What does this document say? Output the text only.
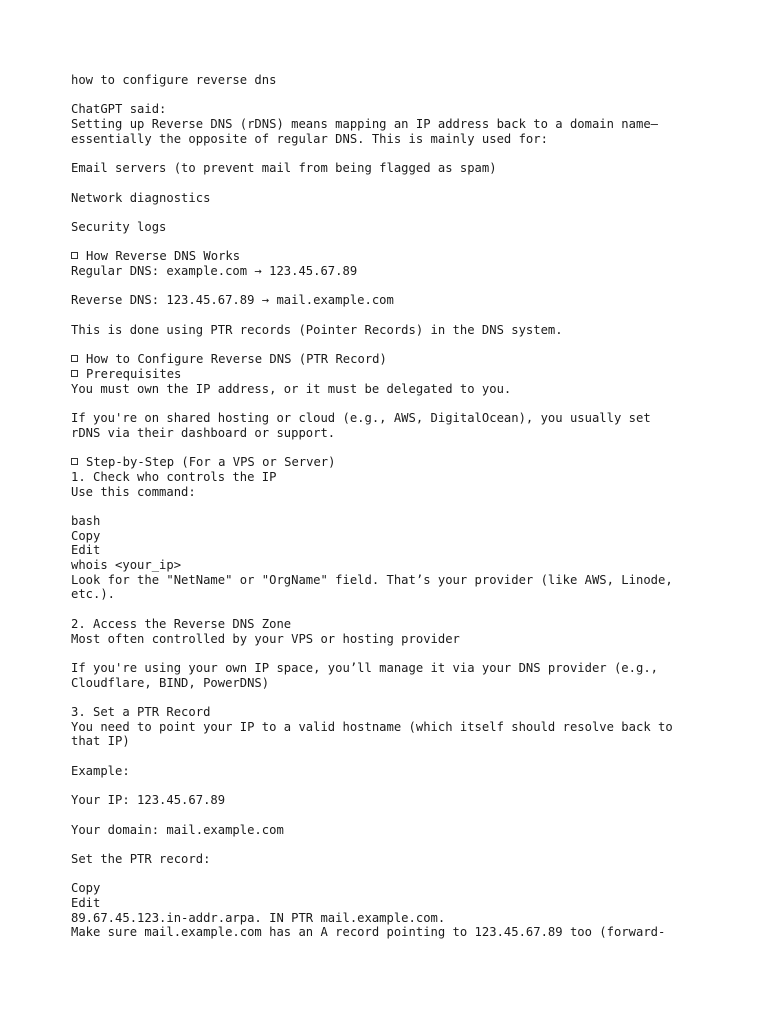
how to configure reverse dns
ChatGPT said:
Setting up Reverse DNS (rDNS) means mapping an IP address back to a domain name—
essentially the opposite of regular DNS. This is mainly used for:
Email servers (to prevent mail from being flagged as spam)
Network diagnostics
Security logs
How Reverse DNS Works
Regular DNS: example.com → 123.45.67.89
Reverse DNS: 123.45.67.89 → mail.example.com
This is done using PTR records (Pointer Records) in the DNS system.
How to Configure Reverse DNS (PTR Record)
Prerequisites
You must own the IP address, or it must be delegated to you.
If you're on shared hosting or cloud (e.g., AWS, DigitalOcean), you usually set
rDNS via their dashboard or support.
Step-by-Step (For a VPS or Server)
1. Check who controls the IP
Use this command:
bash
Copy
Edit
whois <your_ip>
Look for the "NetName" or "OrgName" field. That’s your provider (like AWS, Linode,
etc.).
2. Access the Reverse DNS Zone
Most often controlled by your VPS or hosting provider
If you're using your own IP space, you’ll manage it via your DNS provider (e.g.,
Cloudflare, BIND, PowerDNS)
3. Set a PTR Record
You need to point your IP to a valid hostname (which itself should resolve back to
that IP)
Example:
Your IP: 123.45.67.89
Your domain: mail.example.com
Set the PTR record:
Copy
Edit
89.67.45.123.in-addr.arpa. IN PTR mail.example.com.
Make sure mail.example.com has an A record pointing to 123.45.67.89 too (forward-
